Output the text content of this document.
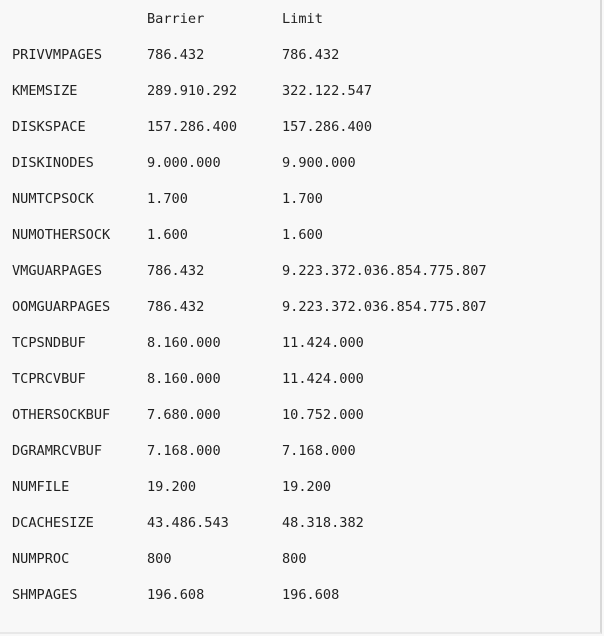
	Barrier	Limit
PRIVVMPAGES	786.432	786.432
KMEMSIZE	289.910.292	322.122.547
DISKSPACE	157.286.400	157.286.400
DISKINODES	9.000.000	9.900.000
NUMTCPSOCK	1.700	1.700
NUMOTHERSOCK	1.600	1.600
VMGUARPAGES	786.432	9.223.372.036.854.775.807
OOMGUARPAGES	786.432	9.223.372.036.854.775.807
TCPSNDBUF	8.160.000	11.424.000
TCPRCVBUF	8.160.000	11.424.000
OTHERSOCKBUF	7.680.000	10.752.000
DGRAMRCVBUF	7.168.000	7.168.000
NUMFILE	19.200	19.200
DCACHESIZE	43.486.543	48.318.382
NUMPROC	800	800
SHMPAGES	196.608	196.608
